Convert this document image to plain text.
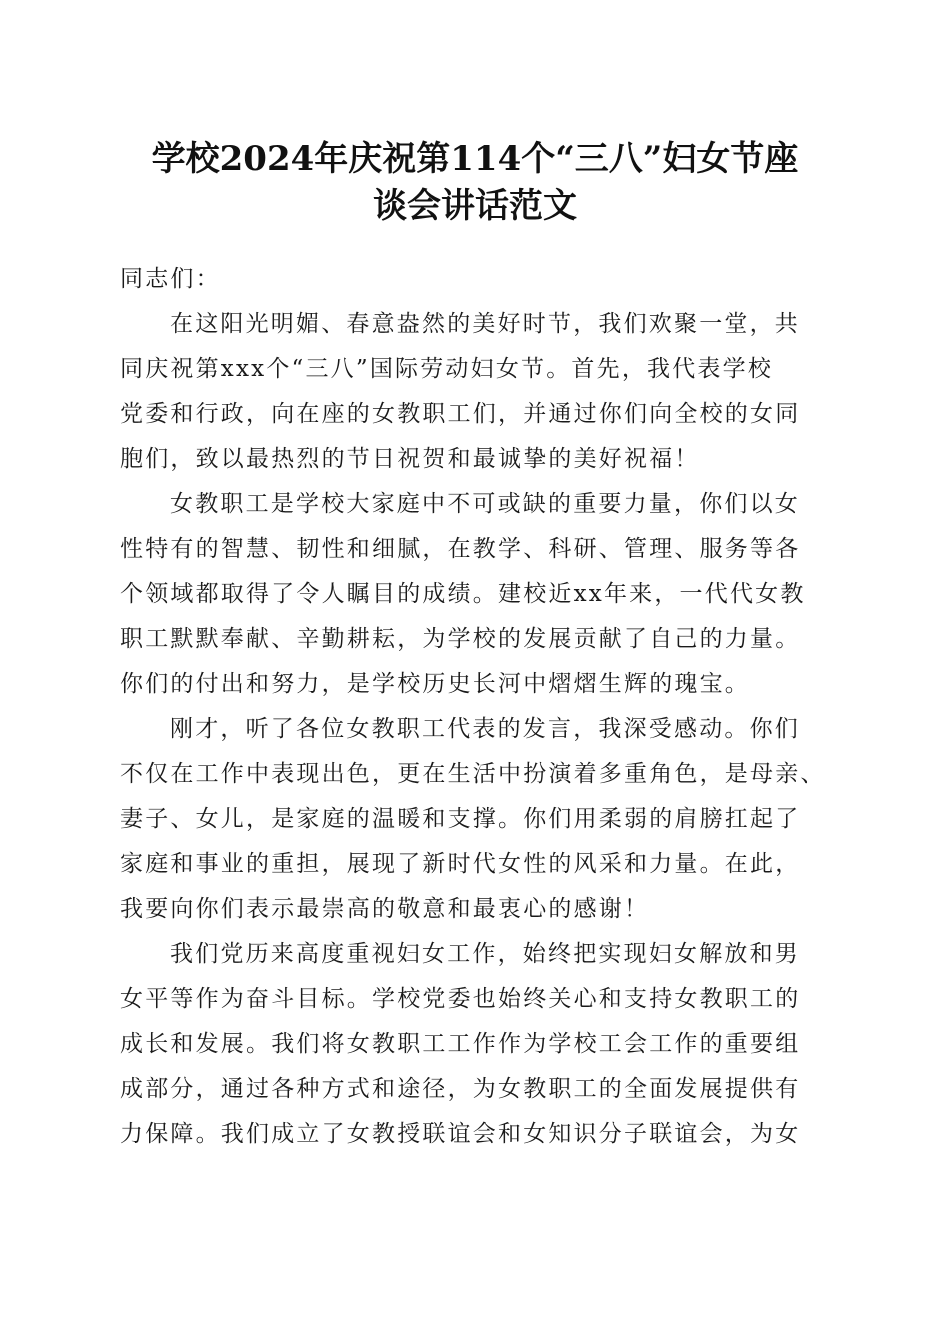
学校2024年庆祝第114个“三八”妇女节座
谈会讲话范文
同志们：
在这阳光明媚、春意盎然的美好时节，我们欢聚一堂，共
同庆祝第xxx个“三八”国际劳动妇女节。首先，我代表学校
党委和行政，向在座的女教职工们，并通过你们向全校的女同
胞们，致以最热烈的节日祝贺和最诚挚的美好祝福！
女教职工是学校大家庭中不可或缺的重要力量，你们以女
性特有的智慧、韧性和细腻，在教学、科研、管理、服务等各
个领域都取得了令人瞩目的成绩。建校近xx年来，一代代女教
职工默默奉献、辛勤耕耘，为学校的发展贡献了自己的力量。
你们的付出和努力，是学校历史长河中熠熠生辉的瑰宝。
刚才，听了各位女教职工代表的发言，我深受感动。你们
不仅在工作中表现出色，更在生活中扮演着多重角色，是母亲、
妻子、女儿，是家庭的温暖和支撑。你们用柔弱的肩膀扛起了
家庭和事业的重担，展现了新时代女性的风采和力量。在此，
我要向你们表示最崇高的敬意和最衷心的感谢！
我们党历来高度重视妇女工作，始终把实现妇女解放和男
女平等作为奋斗目标。学校党委也始终关心和支持女教职工的
成长和发展。我们将女教职工工作作为学校工会工作的重要组
成部分，通过各种方式和途径，为女教职工的全面发展提供有
力保障。我们成立了女教授联谊会和女知识分子联谊会，为女
